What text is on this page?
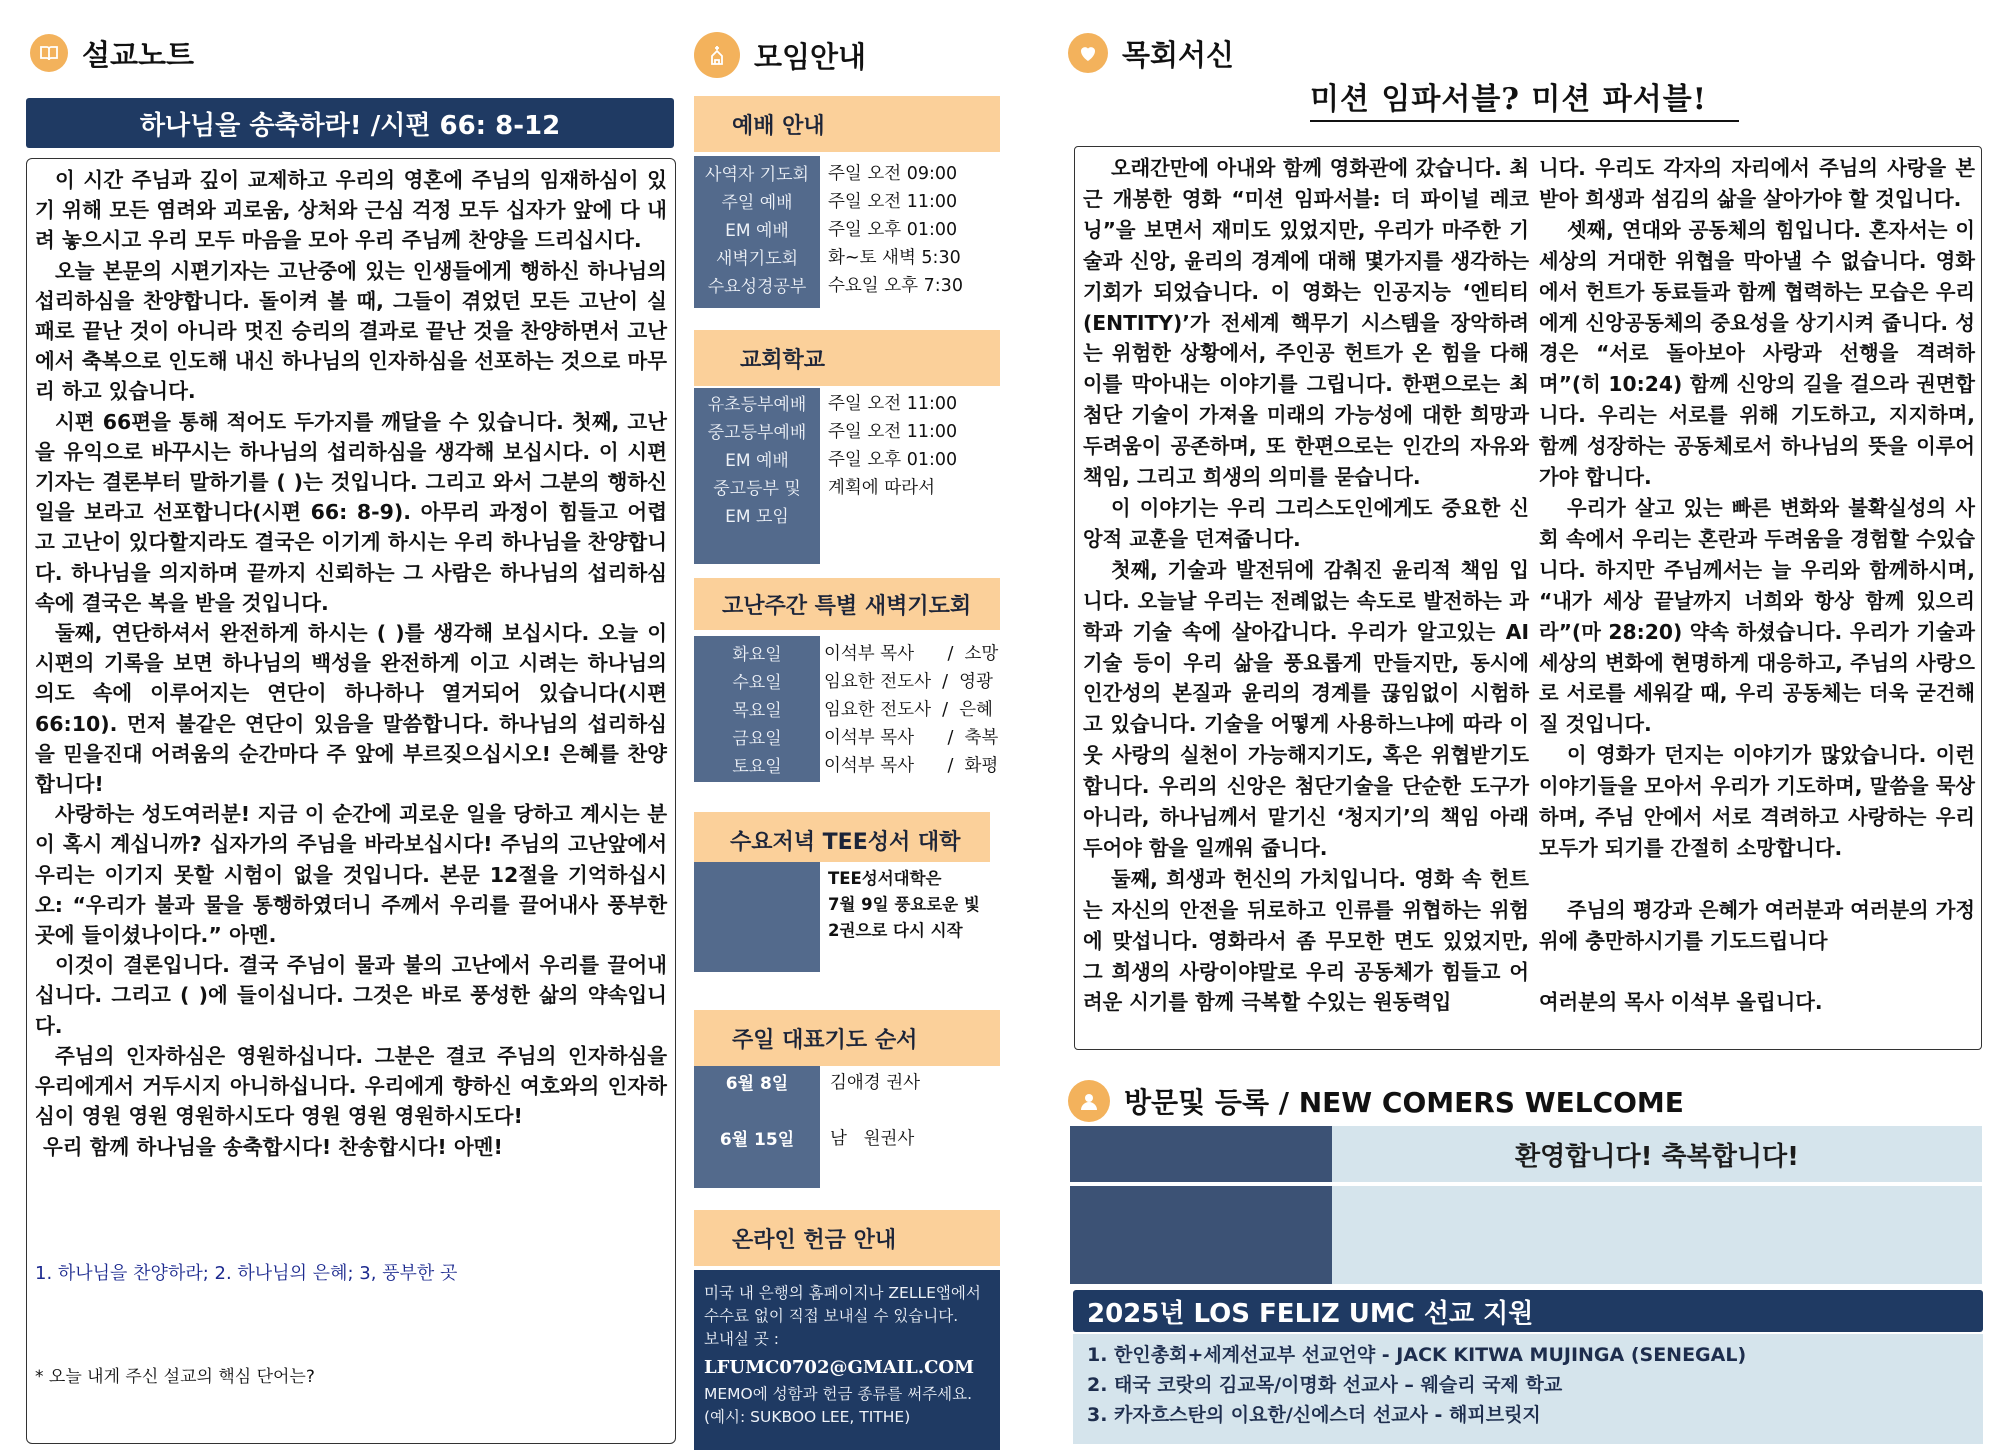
설교노트
하나님을 송축하라! /시편 66: 8-12

이 시간 주님과 깊이 교제하고 우리의 영혼에 주님의 임재하심이 있기 위해 모든 염려와 괴로움, 상처와 근심 걱정 모두 십자가 앞에 다 내려 놓으시고 우리 모두 마음을 모아 우리 주님께 찬양을 드리십시다.

오늘 본문의 시편기자는 고난중에 있는 인생들에게 행하신 하나님의 섭리하심을 찬양합니다. 돌이켜 볼 때, 그들이 겪었던 모든 고난이 실패로 끝난 것이 아니라 멋진 승리의 결과로 끝난 것을 찬양하면서 고난에서 축복으로 인도해 내신 하나님의 인자하심을 선포하는 것으로 마무리 하고 있습니다.

시편 66편을 통해 적어도 두가지를 깨달을 수 있습니다. 첫째, 고난을 유익으로 바꾸시는 하나님의 섭리하심을 생각해 보십시다. 이 시편기자는 결론부터 말하기를 ( )는 것입니다. 그리고 와서 그분의 행하신 일을 보라고 선포합니다(시편 66: 8-9). 아무리 과정이 힘들고 어렵고 고난이 있다할지라도 결국은 이기게 하시는 우리 하나님을 찬양합니다. 하나님을 의지하며 끝까지 신뢰하는 그 사람은 하나님의 섭리하심 속에 결국은 복을 받을 것입니다.

둘째, 연단하셔서 완전하게 하시는 ( )를 생각해 보십시다. 오늘 이 시편의 기록을 보면 하나님의 백성을 완전하게 이고 시려는 하나님의 의도 속에 이루어지는 연단이 하나하나 열거되어 있습니다(시편66:10). 먼저 불같은 연단이 있음을 말씀합니다. 하나님의 섭리하심을 믿을진대 어려움의 순간마다 주 앞에 부르짖으십시오! 은혜를 찬양합니다!

사랑하는 성도여러분! 지금 이 순간에 괴로운 일을 당하고 계시는 분이 혹시 계십니까? 십자가의 주님을 바라보십시다! 주님의 고난앞에서 우리는 이기지 못할 시험이 없을 것입니다. 본문 12절을 기억하십시오: “우리가 불과 물을 통행하였더니 주께서 우리를 끌어내사 풍부한 곳에 들이셨나이다.” 아멘.

이것이 결론입니다. 결국 주님이 물과 불의 고난에서 우리를 끌어내십니다. 그리고 ( )에 들이십니다. 그것은 바로 풍성한 삶의 약속입니다.

주님의 인자하심은 영원하십니다. 그분은 결코 주님의 인자하심을 우리에게서 거두시지 아니하십니다. 우리에게 향하신 여호와의 인자하심이 영원 영원 영원하시도다 영원 영원 영원하시도다!

우리 함께 하나님을 송축합시다! 찬송합시다! 아멘!

1. 하나님을 찬양하라; 2. 하나님의 은혜; 3, 풍부한 곳
* 오늘 내게 주신 설교의 핵심 단어는?
모임안내
예배 안내
사역자 기도회	주일 오전 09:00
주일 예배	주일 오전 11:00
EM 예배	주일 오후 01:00
새벽기도회	화~토 새벽 5:30
수요성경공부	수요일 오후 7:30
교회학교
유초등부예배	주일 오전 11:00
중고등부예배	주일 오전 11:00
EM 예배	주일 오후 01:00
중고등부 및	계획에 따라서
EM 모임
고난주간 특별 새벽기도회
화요일	이석부 목사      /  소망
수요일	임요한 전도사  /  영광
목요일	임요한 전도사  /  은혜
금요일	이석부 목사      /  축복
토요일	이석부 목사      /  화평
수요저녁 TEE성서 대학
TEE성서대학은
7월 9일 풍요로운 빛
2권으로 다시 시작
주일 대표기도 순서
6월 8일	김애경 권사
6월 15일	남   원권사
온라인 헌금 안내
미국 내 은행의 홈페이지나 ZELLE앱에서
수수료 없이 직접 보내실 수 있습니다.
보내실 곳 :
LFUMC0702@GMAIL.COM
MEMO에 성함과 헌금 종류를 써주세요.
(예시: SUKBOO LEE, TITHE)
목회서신
미션 임파서블? 미션 파서블!

오래간만에 아내와 함께 영화관에 갔습니다. 최근 개봉한 영화 “미션 임파서블: 더 파이널 레코닝”을 보면서 재미도 있었지만, 우리가 마주한 기술과 신앙, 윤리의 경계에 대해 몇가지를 생각하는 기회가 되었습니다. 이 영화는 인공지능 ‘엔티티(ENTITY)’가 전세계 핵무기 시스템을 장악하려는 위험한 상황에서, 주인공 헌트가 온 힘을 다해 이를 막아내는 이야기를 그립니다. 한편으로는 최첨단 기술이 가져올 미래의 가능성에 대한 희망과 두려움이 공존하며, 또 한편으로는 인간의 자유와 책임, 그리고 희생의 의미를 묻습니다.

이 이야기는 우리 그리스도인에게도 중요한 신앙적 교훈을 던져줍니다.

첫째, 기술과 발전뒤에 감춰진 윤리적 책임 입니다. 오늘날 우리는 전례없는 속도로 발전하는 과학과 기술 속에 살아갑니다. 우리가 알고있는 AI 기술 등이 우리 삶을 풍요롭게 만들지만, 동시에 인간성의 본질과 윤리의 경계를 끊임없이 시험하고 있습니다. 기술을 어떻게 사용하느냐에 따라 이웃 사랑의 실천이 가능해지기도, 혹은 위협받기도 합니다. 우리의 신앙은 첨단기술을 단순한 도구가 아니라, 하나님께서 맡기신 ‘청지기’의 책임 아래 두어야 함을 일깨워 줍니다.

둘째, 희생과 헌신의 가치입니다. 영화 속 헌트는 자신의 안전을 뒤로하고 인류를 위협하는 위험에 맞섭니다. 영화라서 좀 무모한 면도 있었지만, 그 희생의 사랑이야말로 우리 공동체가 힘들고 어려운 시기를 함께 극복할 수있는 원동력입

니다. 우리도 각자의 자리에서 주님의 사랑을 본받아 희생과 섬김의 삶을 살아가야 할 것입니다.

셋째, 연대와 공동체의 힘입니다. 혼자서는 이 세상의 거대한 위협을 막아낼 수 없습니다. 영화에서 헌트가 동료들과 함께 협력하는 모습은 우리에게 신앙공동체의 중요성을 상기시켜 줍니다. 성경은 “서로 돌아보아 사랑과 선행을 격려하며”(히 10:24) 함께 신앙의 길을 걸으라 권면합니다. 우리는 서로를 위해 기도하고, 지지하며, 함께 성장하는 공동체로서 하나님의 뜻을 이루어 가야 합니다.

우리가 살고 있는 빠른 변화와 불확실성의 사회 속에서 우리는 혼란과 두려움을 경험할 수있습니다. 하지만 주님께서는 늘 우리와 함께하시며, “내가 세상 끝날까지 너희와 항상 함께 있으리라”(마 28:20) 약속 하셨습니다. 우리가 기술과 세상의 변화에 현명하게 대응하고, 주님의 사랑으로 서로를 세워갈 때, 우리 공동체는 더욱 굳건해질 것입니다.

이 영화가 던지는 이야기가 많았습니다. 이런 이야기들을 모아서 우리가 기도하며, 말씀을 묵상하며, 주님 안에서 서로 격려하고 사랑하는 우리 모두가 되기를 간절히 소망합니다.

주님의 평강과 은혜가 여러분과 여러분의 가정위에 충만하시기를 기도드립니다

여러분의 목사 이석부 올립니다.

방문및 등록 / NEW COMERS WELCOME
환영합니다! 축복합니다!
2025년 LOS FELIZ UMC 선교 지원
1. 한인총회+세계선교부 선교언약 - JACK KITWA MUJINGA (SENEGAL)
2. 태국 코랏의 김교목/이명화 선교사 – 웨슬리 국제 학교
3. 카자흐스탄의 이요한/신에스더 선교사 - 해피브릿지
